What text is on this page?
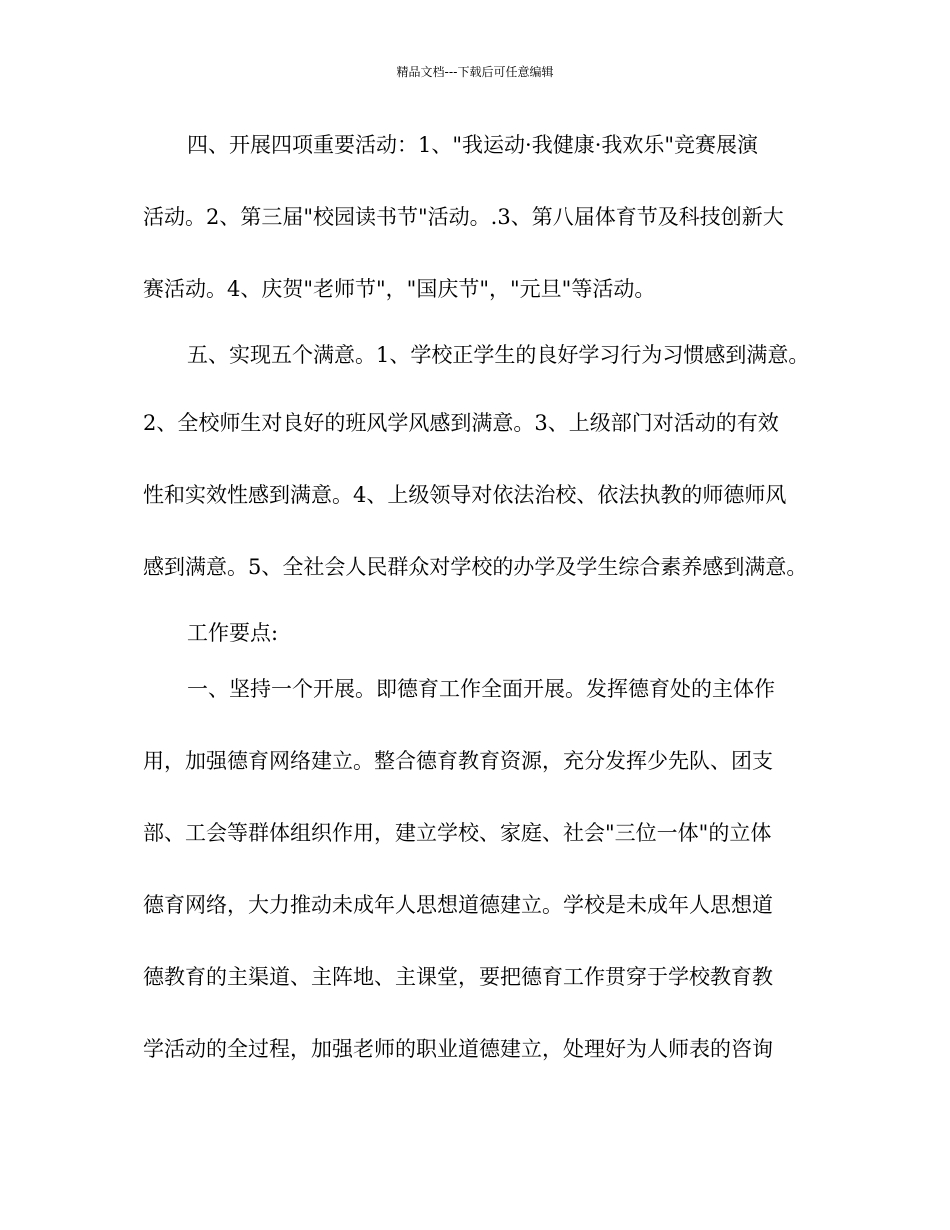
精品文档---下载后可任意编辑
四、开展四项重要活动：1、"我运动·我健康·我欢乐"竞赛展演
活动。2、第三届"校园读书节"活动。.3、第八届体育节及科技创新大
赛活动。4、庆贺"老师节"，"国庆节"，"元旦"等活动。
五、实现五个满意。1、学校正学生的良好学习行为习惯感到满意。
2、全校师生对良好的班风学风感到满意。3、上级部门对活动的有效
性和实效性感到满意。4、上级领导对依法治校、依法执教的师德师风
感到满意。5、全社会人民群众对学校的办学及学生综合素养感到满意。
工作要点:
一、坚持一个开展。即德育工作全面开展。发挥德育处的主体作
用，加强德育网络建立。整合德育教育资源，充分发挥少先队、团支
部、工会等群体组织作用，建立学校、家庭、社会"三位一体"的立体
德育网络，大力推动未成年人思想道德建立。学校是未成年人思想道
德教育的主渠道、主阵地、主课堂，要把德育工作贯穿于学校教育教
学活动的全过程，加强老师的职业道德建立，处理好为人师表的咨询
